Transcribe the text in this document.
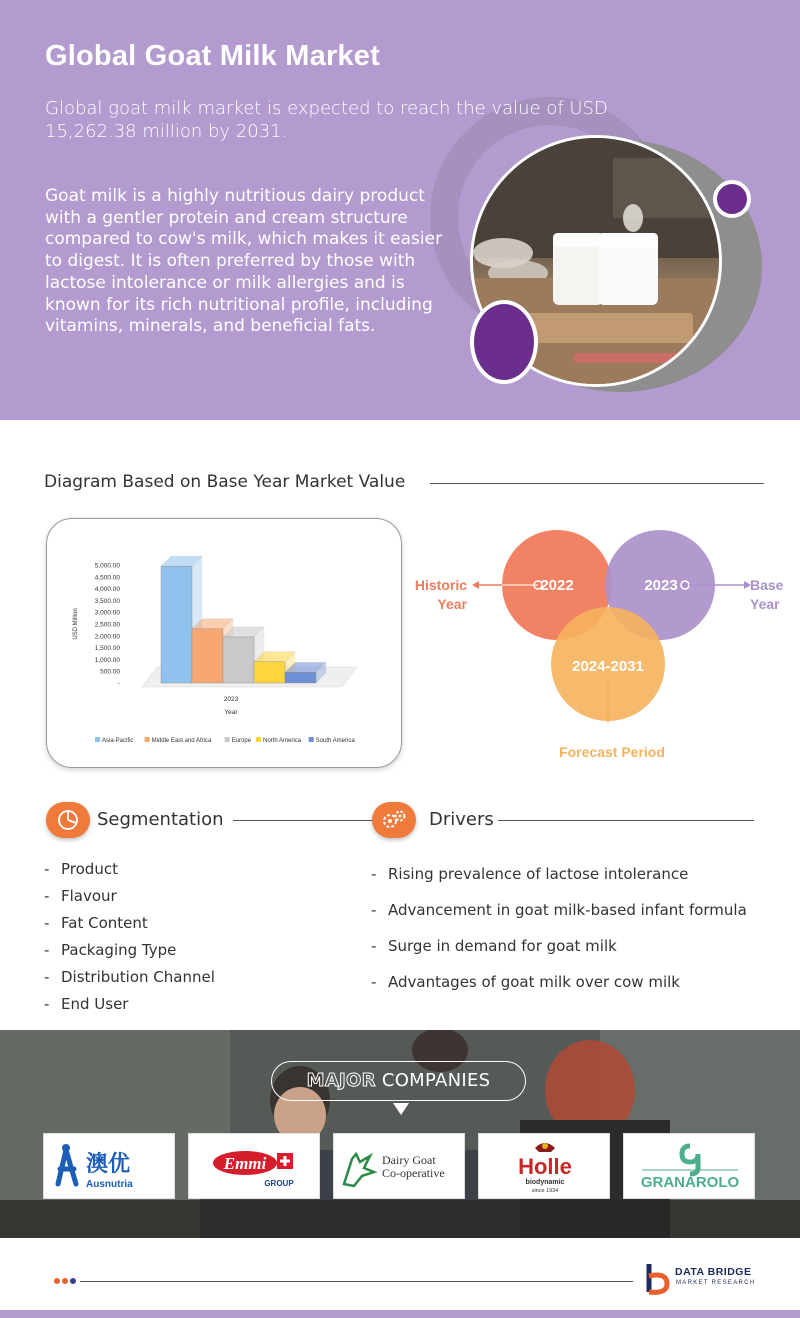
Global Goat Milk Market
Global goat milk market is expected to reach the value of USD 15,262.38 million by 2031.
Goat milk is a highly nutritious dairy product with a gentler protein and cream structure compared to cow's milk, which makes it easier to digest. It is often preferred by those with lactose intolerance or milk allergies and is known for its rich nutritional profile, including vitamins, minerals, and beneficial fats.
Diagram Based on Base Year Market Value
5,000.00
4,500.00
4,000.00
3,500.00
3,000.00
2,500.00
2,000.00
1,500.00
1,000.00
500.00
-
USD Million
2023
Year
Asia-Pacific	Middle East and Africa	Europe North America South America
2022	2023
2024-2031
Historic
Year
Base
Year
Forecast Period
Segmentation
- Product
- Flavour
- Fat Content
- Packaging Type
- Distribution Channel
- End User
Drivers
- Rising prevalence of lactose intolerance
- Advancement in goat milk-based infant formula
- Surge in demand for goat milk
- Advantages of goat milk over cow milk
MAJOR COMPANIES
澳优
Ausnutria
Emmi
GROUP
Dairy Goat
Co-operative	Holle
biodynamic
since 1934	GRANAROLO
DATA BRIDGE
MARKET RESEARCH
